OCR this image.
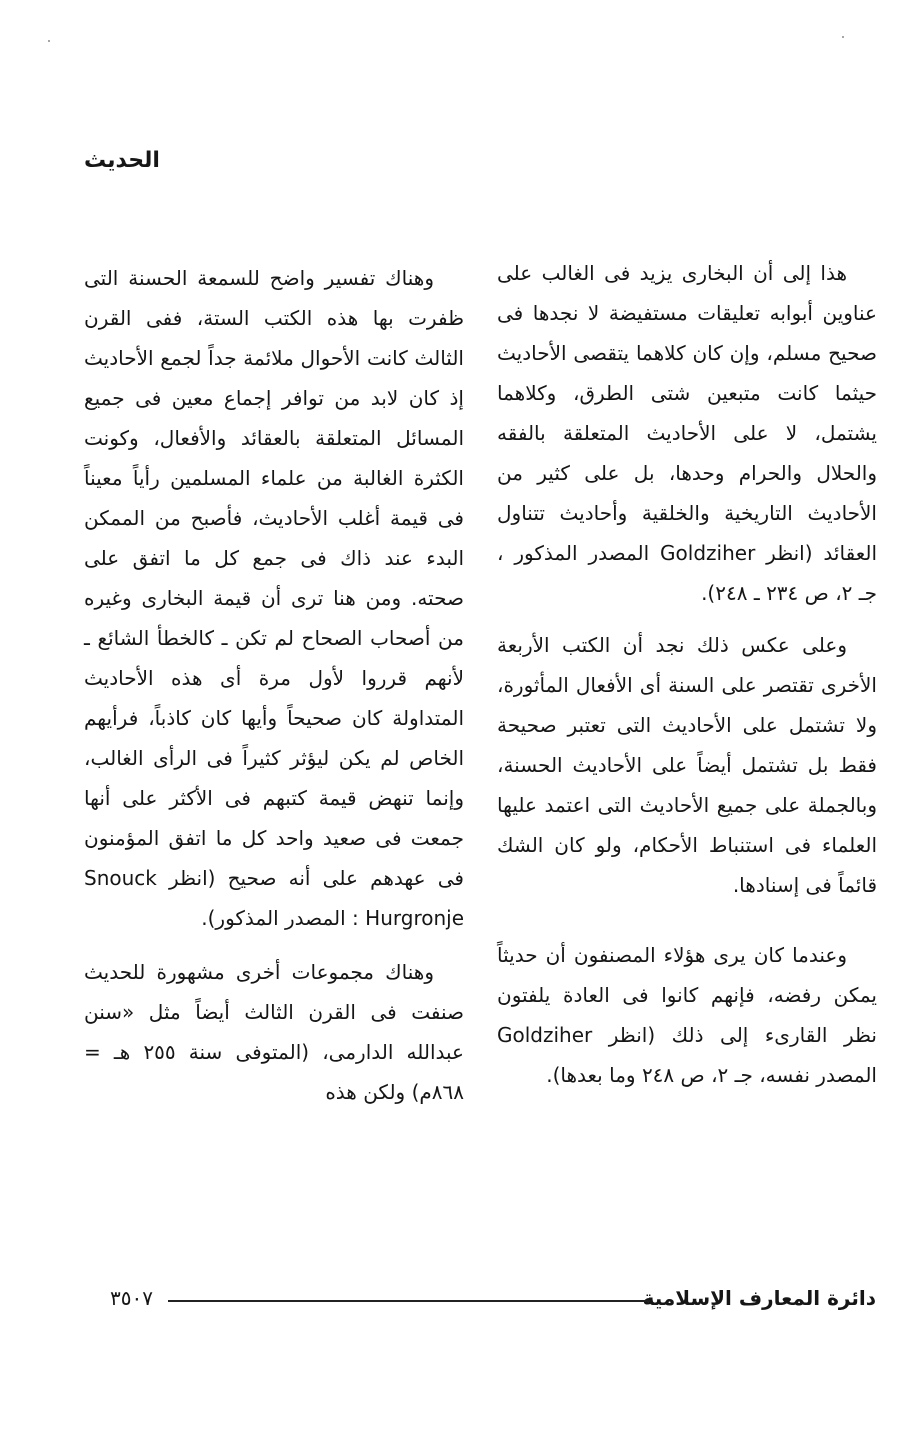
الحديث

هذا إلى أن البخارى يزيد فى الغالب على عناوين أبوابه تعليقات مستفيضة لا نجدها فى صحيح مسلم، وإن كان كلاهما يتقصى الأحاديث حيثما كانت متبعين شتى الطرق، وكلاهما يشتمل، لا على الأحاديث المتعلقة بالفقه والحلال والحرام وحدها، بل على كثير من الأحاديث التاريخية والخلقية وأحاديث تتناول العقائد (انظر Goldziher المصدر المذكور ، جـ ٢، ص ٢٣٤ ـ ٢٤٨).

وعلى عكس ذلك نجد أن الكتب الأربعة الأخرى تقتصر على السنة أى الأفعال المأثورة، ولا تشتمل على الأحاديث التى تعتبر صحيحة فقط بل تشتمل أيضاً على الأحاديث الحسنة، وبالجملة على جميع الأحاديث التى اعتمد عليها العلماء فى استنباط الأحكام، ولو كان الشك قائماً فى إسنادها.

وعندما كان يرى هؤلاء المصنفون أن حديثاً يمكن رفضه، فإنهم كانوا فى العادة يلفتون نظر القارىء إلى ذلك (انظر Goldziher المصدر نفسه، جـ ٢، ص ٢٤٨ وما بعدها).

وهناك تفسير واضح للسمعة الحسنة التى ظفرت بها هذه الكتب الستة، ففى القرن الثالث كانت الأحوال ملائمة جداً لجمع الأحاديث إذ كان لابد من توافر إجماع معين فى جميع المسائل المتعلقة بالعقائد والأفعال، وكونت الكثرة الغالبة من علماء المسلمين رأياً معيناً فى قيمة أغلب الأحاديث، فأصبح من الممكن البدء عند ذاك فى جمع كل ما اتفق على صحته. ومن هنا ترى أن قيمة البخارى وغيره من أصحاب الصحاح لم تكن ـ كالخطأ الشائع ـ لأنهم قرروا لأول مرة أى هذه الأحاديث المتداولة كان صحيحاً وأيها كان كاذباً، فرأيهم الخاص لم يكن ليؤثر كثيراً فى الرأى الغالب، وإنما تنهض قيمة كتبهم فى الأكثر على أنها جمعت فى صعيد واحد كل ما اتفق المؤمنون فى عهدهم على أنه صحيح (انظر Snouck Hurgronje : المصدر المذكور).

وهناك مجموعات أخرى مشهورة للحديث صنفت فى القرن الثالث أيضاً مثل «سنن عبدالله الدارمى، (المتوفى سنة ٢٥٥ هـ = ٨٦٨م) ولكن هذه

دائرة المعارف الإسلامية
٣٥٠٧
